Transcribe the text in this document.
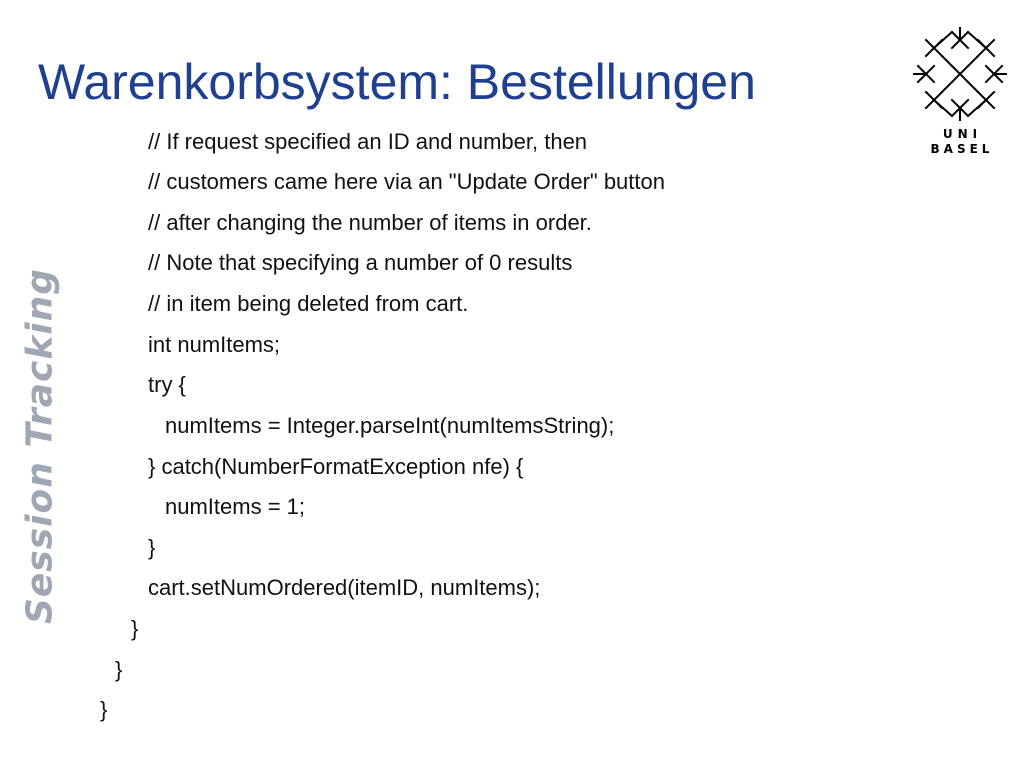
Warenkorbsystem: Bestellungen
UNI
BASEL
Session Tracking
// If request specified an ID and number, then
// customers came here via an "Update Order" button
// after changing the number of items in order.
// Note that specifying a number of 0 results
// in item being deleted from cart.
int numItems;
try {
numItems = Integer.parseInt(numItemsString);
} catch(NumberFormatException nfe) {
numItems = 1;
}
cart.setNumOrdered(itemID, numItems);
}
}
}
